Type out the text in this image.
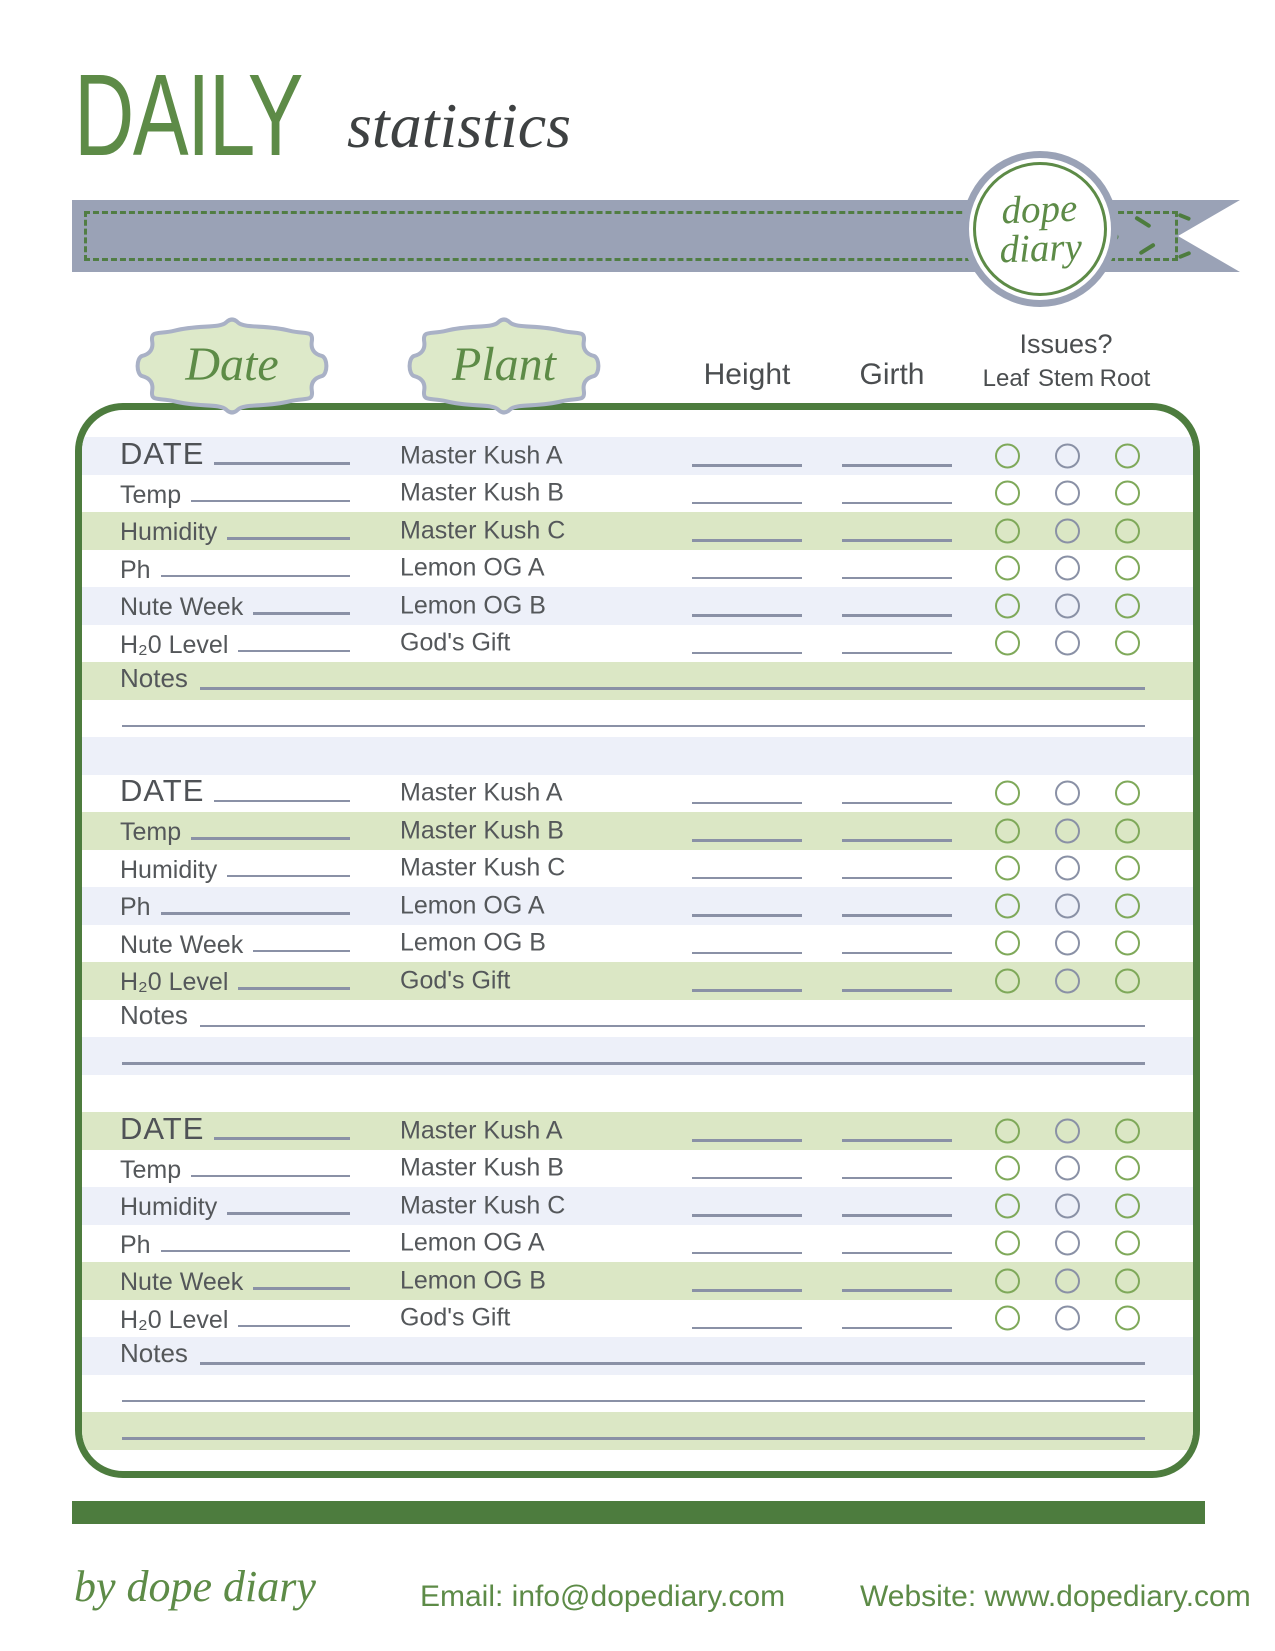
DAILY statistics
dope
diary
Date	Plant	Height	Girth
Issues?
Leaf Stem Root
DATE	Master Kush A
Temp	Master Kush B
Humidity	Master Kush C
Ph	Lemon OG A
Nute Week	Lemon OG B
H₂0 Level	God's Gift
Notes
DATE	Master Kush A
Temp	Master Kush B
Humidity	Master Kush C
Ph	Lemon OG A
Nute Week	Lemon OG B
H₂0 Level	God's Gift
Notes
DATE	Master Kush A
Temp	Master Kush B
Humidity	Master Kush C
Ph	Lemon OG A
Nute Week	Lemon OG B
H₂0 Level	God's Gift
Notes
by dope diary	Email: info@dopediary.com Website: www.dopediary.com
